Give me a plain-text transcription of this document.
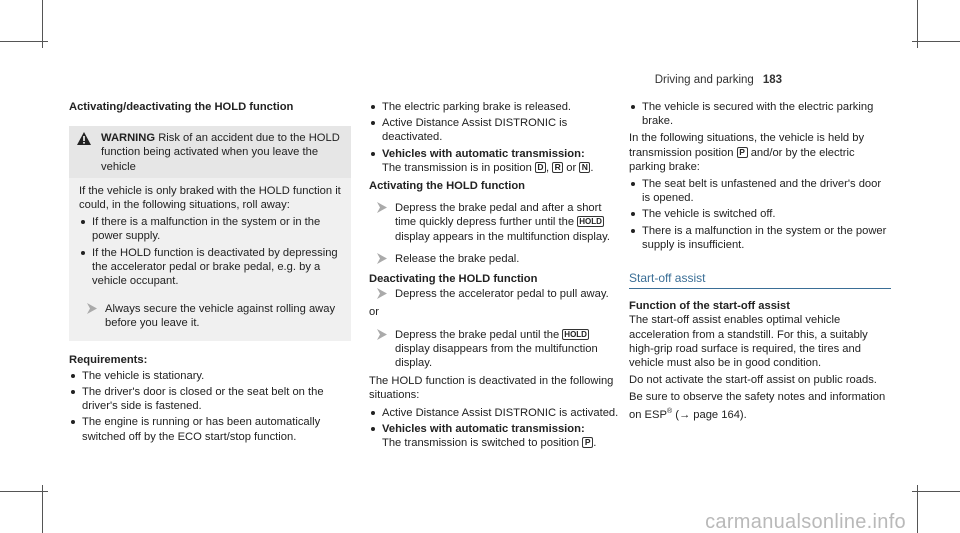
Driving and parking 183
Activating/deactivating the HOLD function
WARNING Risk of an accident due to the HOLD function being activated when you leave the vehicle

If the vehicle is only braked with the HOLD function it could, in the following situations, roll away:

If there is a malfunction in the system or in the power supply.
If the HOLD function is deactivated by depressing the accelerator pedal or brake pedal, e.g. by a vehicle occupant.
Always secure the vehicle against rolling away before you leave it.
Requirements:
The vehicle is stationary.
The driver's door is closed or the seat belt on the driver's side is fastened.
The engine is running or has been automatically switched off by the ECO start/stop function.
The electric parking brake is released.
Active Distance Assist DISTRONIC is deactivated.
Vehicles with automatic transmission:
The transmission is in position D , R or N .
Activating the HOLD function
Depress the brake pedal and after a short time quickly depress further until the HOLD display appears in the multifunction display.
Release the brake pedal.
Deactivating the HOLD function
Depress the accelerator pedal to pull away.

or

Depress the brake pedal until the HOLD display disappears from the multifunction display.

The HOLD function is deactivated in the following situations:

Active Distance Assist DISTRONIC is activated.
Vehicles with automatic transmission:
The transmission is switched to position P .
The vehicle is secured with the electric parking brake.

In the following situations, the vehicle is held by transmission position P and/or by the electric parking brake:

The seat belt is unfastened and the driver's door is opened.
The vehicle is switched off.
There is a malfunction in the system or the power supply is insufficient.
Start-off assist
Function of the start-off assist

The start-off assist enables optimal vehicle acceleration from a standstill. For this, a suitably high-grip road surface is required, the tires and vehicle must also be in good condition.

Do not activate the start-off assist on public roads.

Be sure to observe the safety notes and information on ESP® (→ page 164).

carmanualsonline.info
